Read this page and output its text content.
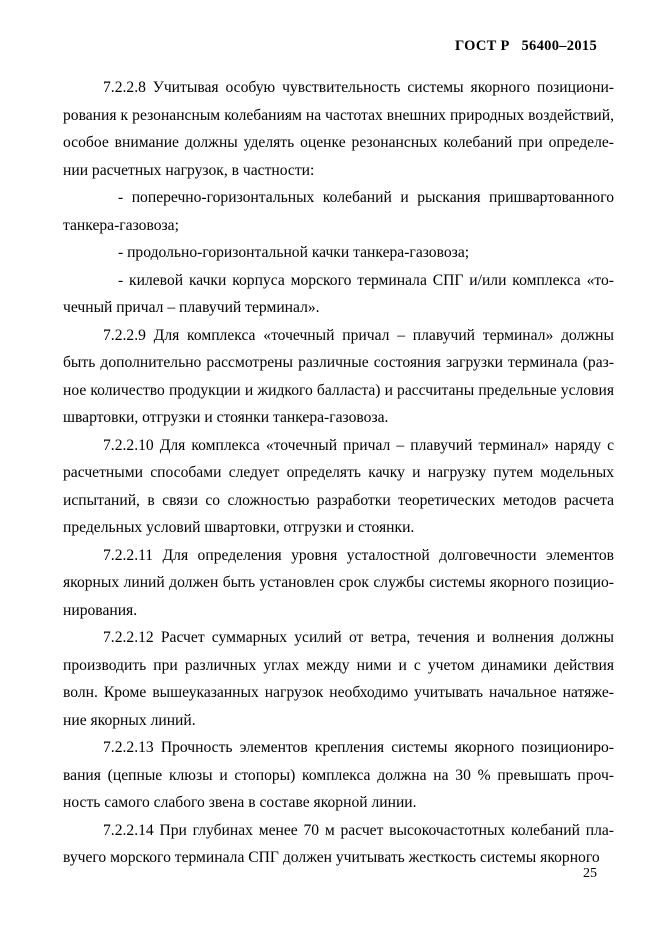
ГОСТ Р   56400–2015

7.2.2.8 Учитывая особую чувствительность системы якорного позиционирования к резонансным колебаниям на частотах внешних природных воздействий, особое внимание должны уделять оценке резонансных колебаний при определении расчетных нагрузок, в частности:

- поперечно-горизонтальных колебаний и рыскания пришвартованного танкера-газовоза;

- продольно-горизонтальной качки танкера-газовоза;

- килевой качки корпуса морского терминала СПГ и/или комплекса «точечный причал – плавучий терминал».

7.2.2.9 Для комплекса «точечный причал – плавучий терминал» должны быть дополнительно рассмотрены различные состояния загрузки терминала (разное количество продукции и жидкого балласта) и рассчитаны предельные условия швартовки, отгрузки и стоянки танкера-газовоза.

7.2.2.10 Для комплекса «точечный причал – плавучий терминал» наряду с расчетными способами следует определять качку и нагрузку путем модельных испытаний, в связи со сложностью разработки теоретических методов расчета предельных условий швартовки, отгрузки и стоянки.

7.2.2.11 Для определения уровня усталостной долговечности элементов якорных линий должен быть установлен срок службы системы якорного позиционирования.

7.2.2.12 Расчет суммарных усилий от ветра, течения и волнения должны производить при различных углах между ними и с учетом динамики действия волн. Кроме вышеуказанных нагрузок необходимо учитывать начальное натяжение якорных линий.

7.2.2.13 Прочность элементов крепления системы якорного позиционирования (цепные клюзы и стопоры) комплекса должна на 30 % превышать прочность самого слабого звена в составе якорной линии.

7.2.2.14 При глубинах менее 70 м расчет высокочастотных колебаний плавучего морского терминала СПГ должен учитывать жесткость системы якорного

25
